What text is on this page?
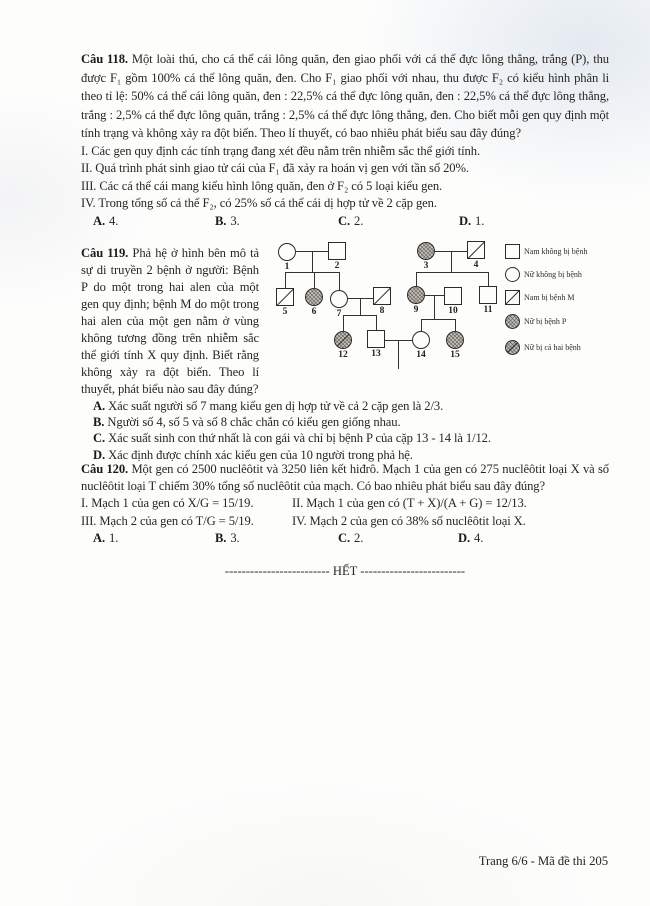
Câu 118. Một loài thú, cho cá thể cái lông quăn, đen giao phối với cá thể đực lông thẳng, trắng (P), thu được F₁ gồm 100% cá thể lông quăn, đen. Cho F₁ giao phối với nhau, thu được F₂ có kiểu hình phân li theo tỉ lệ: 50% cá thể cái lông quăn, đen : 22,5% cá thể đực lông quăn, đen : 22,5% cá thể đực lông thẳng, trắng : 2,5% cá thể đực lông quăn, trắng : 2,5% cá thể đực lông thẳng, đen. Cho biết mỗi gen quy định một tính trạng và không xảy ra đột biến. Theo lí thuyết, có bao nhiêu phát biểu sau đây đúng?
I. Các gen quy định các tính trạng đang xét đều nằm trên nhiễm sắc thể giới tính.
II. Quá trình phát sinh giao tử cái của F₁ đã xảy ra hoán vị gen với tần số 20%.
III. Các cá thể cái mang kiểu hình lông quăn, đen ở F₂ có 5 loại kiểu gen.
IV. Trong tổng số cá thể F₂, có 25% số cá thể cái dị hợp tử về 2 cặp gen.
A. 4.	B. 3.	C. 2.	D. 1.
1	2	3	4
5	6	7	8	9	10	11
12	13	14	15
Nam không bị bệnh
Nữ không bị bệnh
Nam bị bệnh M
Nữ bị bệnh P
Nữ bị cả hai bệnh
Câu 119. Phả hệ ở hình bên mô tả sự di truyền 2 bệnh ở người: Bệnh P do một trong hai alen của một gen quy định; bệnh M do một trong hai alen của một gen nằm ở vùng không tương đồng trên nhiễm sắc thể giới tính X quy định. Biết rằng không xảy ra đột biến. Theo lí thuyết, phát biểu nào sau đây đúng?
A. Xác suất người số 7 mang kiểu gen dị hợp tử về cả 2 cặp gen là 2/3.
B. Người số 4, số 5 và số 8 chắc chắn có kiểu gen giống nhau.
C. Xác suất sinh con thứ nhất là con gái và chỉ bị bệnh P của cặp 13 - 14 là 1/12.
D. Xác định được chính xác kiểu gen của 10 người trong phả hệ.
Câu 120. Một gen có 2500 nuclêôtit và 3250 liên kết hiđrô. Mạch 1 của gen có 275 nuclêôtit loại X và số nuclêôtit loại T chiếm 30% tổng số nuclêôtit của mạch. Có bao nhiêu phát biểu sau đây đúng?
I. Mạch 1 của gen có X/G = 15/19.	II. Mạch 1 của gen có (T + X)/(A + G) = 12/13.
III. Mạch 2 của gen có T/G = 5/19.	IV. Mạch 2 của gen có 38% số nuclêôtit loại X.
A. 1.	B. 3.	C. 2.	D. 4.
------------------------- HẾT -------------------------
Trang 6/6 - Mã đề thi 205
